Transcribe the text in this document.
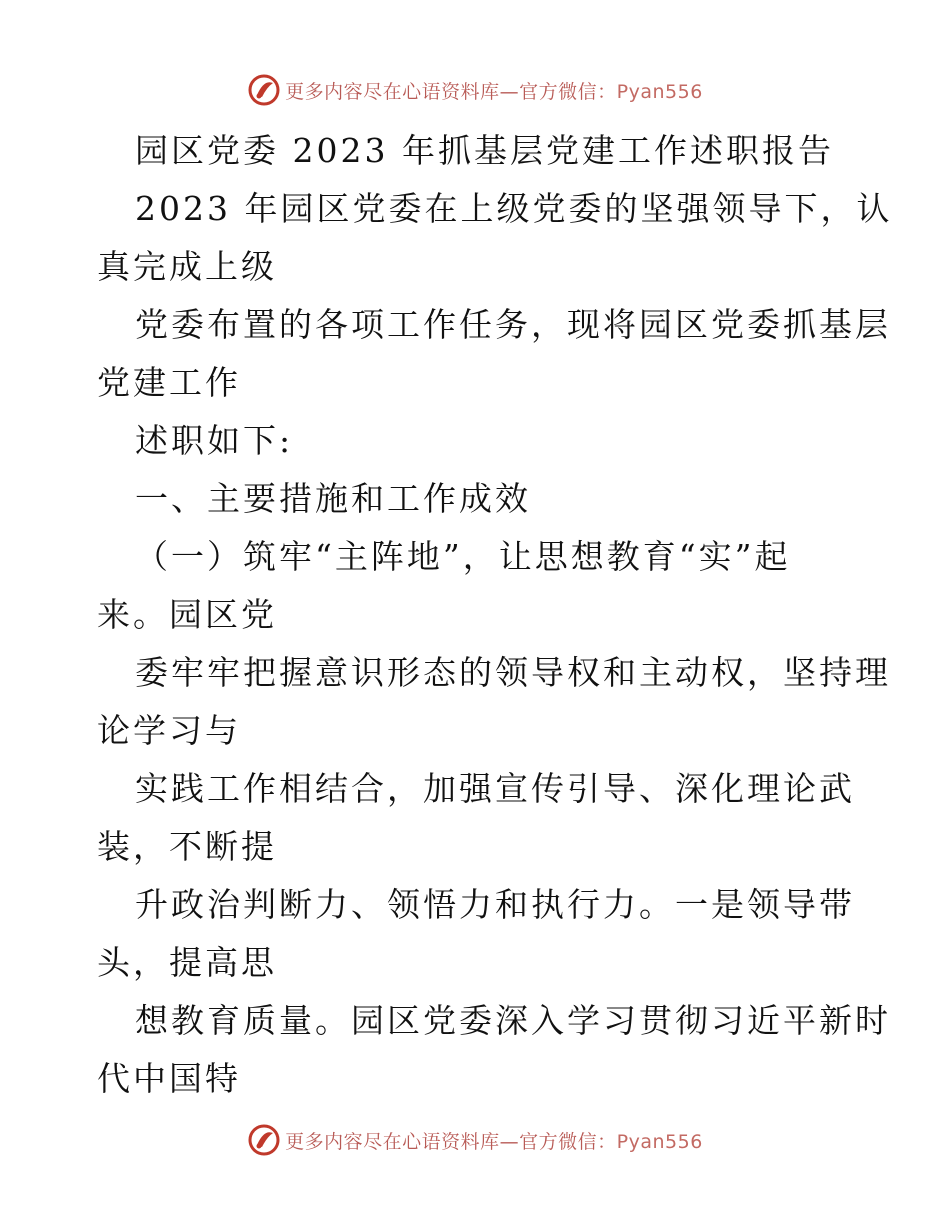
更多内容尽在心语资料库—官方微信：Pyan556
园区党委 2023 年抓基层党建工作述职报告
2023 年园区党委在上级党委的坚强领导下，认
真完成上级
党委布置的各项工作任务，现将园区党委抓基层
党建工作
述职如下:
一、主要措施和工作成效
（一）筑牢“主阵地”，让思想教育“实”起
来。园区党
委牢牢把握意识形态的领导权和主动权，坚持理
论学习与
实践工作相结合，加强宣传引导、深化理论武
装，不断提
升政治判断力、领悟力和执行力。一是领导带
头，提高思
想教育质量。园区党委深入学习贯彻习近平新时
代中国特
更多内容尽在心语资料库—官方微信：Pyan556
